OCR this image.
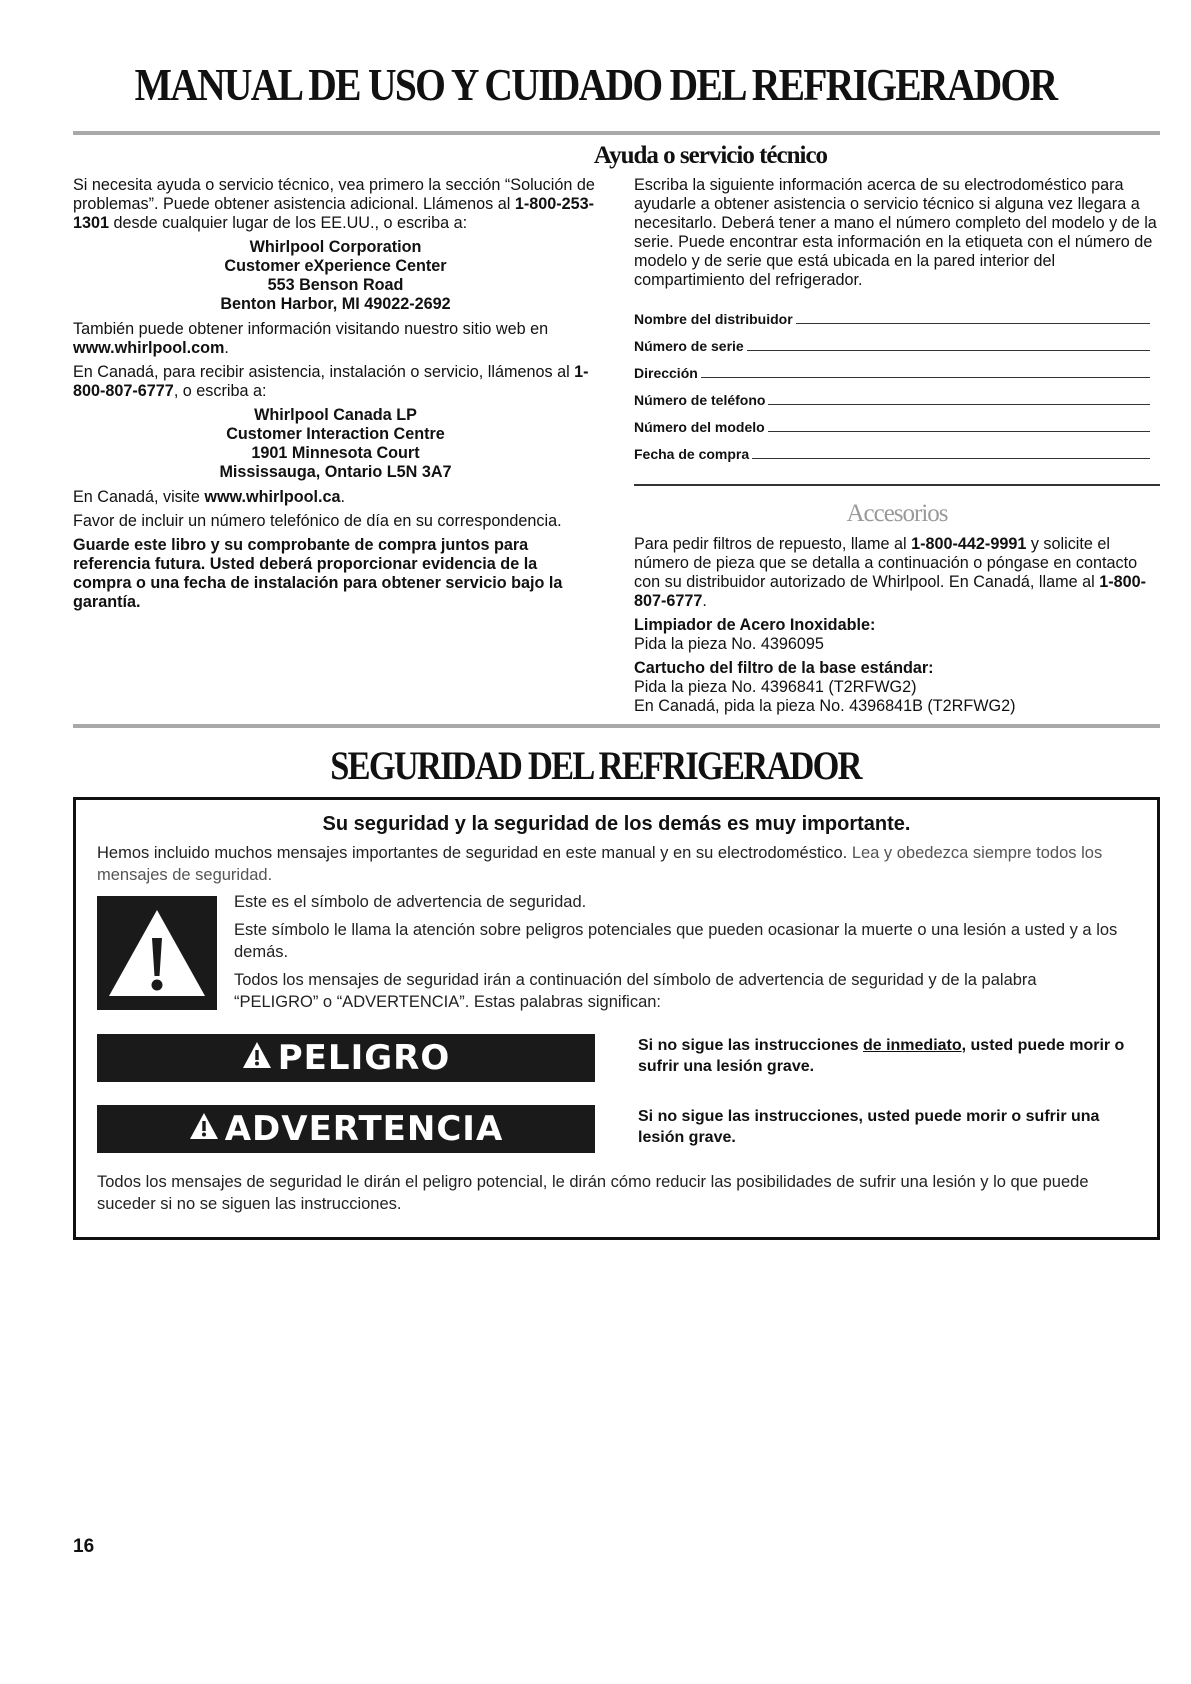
MANUAL DE USO Y CUIDADO DEL REFRIGERADOR
Ayuda o servicio técnico

Si necesita ayuda o servicio técnico, vea primero la sección “Solución de problemas”. Puede obtener asistencia adicional. Llámenos al 1-800-253-1301 desde cualquier lugar de los EE.UU., o escriba a:

Whirlpool Corporation
Customer eXperience Center
553 Benson Road
Benton Harbor, MI 49022-2692

También puede obtener información visitando nuestro sitio web en www.whirlpool.com.

En Canadá, para recibir asistencia, instalación o servicio, llámenos al 1-800-807-6777, o escriba a:

Whirlpool Canada LP
Customer Interaction Centre
1901 Minnesota Court
Mississauga, Ontario L5N 3A7

En Canadá, visite www.whirlpool.ca.

Favor de incluir un número telefónico de día en su correspondencia.

Guarde este libro y su comprobante de compra juntos para referencia futura. Usted deberá proporcionar evidencia de la compra o una fecha de instalación para obtener servicio bajo la garantía.

Escriba la siguiente información acerca de su electrodoméstico para ayudarle a obtener asistencia o servicio técnico si alguna vez llegara a necesitarlo. Deberá tener a mano el número completo del modelo y de la serie. Puede encontrar esta información en la etiqueta con el número de modelo y de serie que está ubicada en la pared interior del compartimiento del refrigerador.

Nombre del distribuidor
Número de serie
Dirección
Número de teléfono
Número del modelo
Fecha de compra
Accesorios

Para pedir filtros de repuesto, llame al 1-800-442-9991 y solicite el número de pieza que se detalla a continuación o póngase en contacto con su distribuidor autorizado de Whirlpool. En Canadá, llame al 1-800-807-6777.

Limpiador de Acero Inoxidable:
Pida la pieza No. 4396095
Cartucho del filtro de la base estándar:
Pida la pieza No. 4396841 (T2RFWG2)
En Canadá, pida la pieza No. 4396841B (T2RFWG2)
SEGURIDAD DEL REFRIGERADOR
Su seguridad y la seguridad de los demás es muy importante.
Hemos incluido muchos mensajes importantes de seguridad en este manual y en su electrodoméstico. Lea y obedezca siempre todos los mensajes de seguridad.
Este es el símbolo de advertencia de seguridad.
Este símbolo le llama la atención sobre peligros potenciales que pueden ocasionar la muerte o una lesión a usted y a los demás.
Todos los mensajes de seguridad irán a continuación del símbolo de advertencia de seguridad y de la palabra “PELIGRO” o “ADVERTENCIA”. Estas palabras significan:
PELIGRO	Si no sigue las instrucciones de inmediato, usted puede morir o sufrir una lesión grave.
ADVERTENCIA	Si no sigue las instrucciones, usted puede morir o sufrir una lesión grave.
Todos los mensajes de seguridad le dirán el peligro potencial, le dirán cómo reducir las posibilidades de sufrir una lesión y lo que puede suceder si no se siguen las instrucciones.
16
